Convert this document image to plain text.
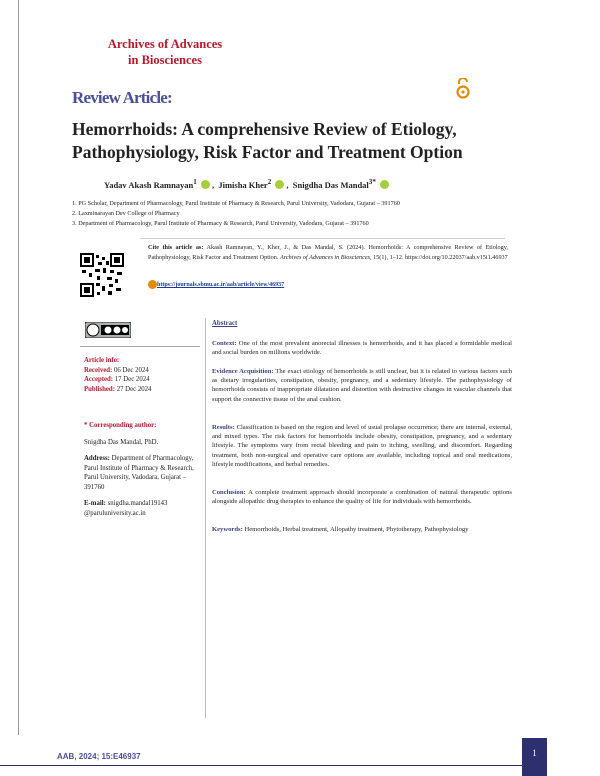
Archives of Advances
in Biosciences
Review Article:
Hemorrhoids: A comprehensive Review of Etiology, Pathophysiology, Risk Factor and Treatment Option
Yadav Akash Ramnayan$^1$ ,  Jimisha Kher$^2$ ,  Snigdha Das Mandal$^{3*}$
1. PG Scholar, Department of Pharmacology, Parul Institute of Pharmacy & Research, Parul University, Vadodara, Gujarat – 391760
2. Laxminarayan Dev College of Pharmacy
3. Department of Pharmacology, Parul Institute of Pharmacy & Research, Parul University, Vadodara, Gujarat – 391760
Cite this article as: Akash Ramnayan, Y., Kher, J., & Das Mandal, S. (2024). Hemorrhoids: A comprehensive Review of Etiology, Pathophysiology, Risk Factor and Treatment Option. Archives of Advances in Biosciences, 15(1), 1–12. https://doi.org/10.22037/aab.v15i1.46937
https://journals.sbmu.ac.ir/aab/article/view/46937
Article info:
Received: 06 Dec 2024
Accepted: 17 Dec 2024
Published: 27 Dec 2024
* Corresponding author:
Snigdha Das Mandal, PhD.
Address: Department of Pharmacology, Parul Institute of Pharmacy & Research, Parul University, Vadodara, Gujarat – 391760
E-mail: snigdha.mandal19143 @paruluniversity.ac.in
Abstract
Context: One of the most prevalent anorectal illnesses is hemorrhoids, and it has placed a formidable medical and social burden on millions worldwide.
Evidence Acquisition: The exact etiology of hemorrhoids is still unclear, but it is related to various factors such as dietary irregularities, constipation, obesity, pregnancy, and a sedentary lifestyle. The pathophysiology of hemorrhoids consists of inappropriate dilatation and distortion with destructive changes in vascular channels that support the connective tissue of the anal cushion.
Results: Classification is based on the region and level of usual prolapse occurrence; there are internal, external, and mixed types. The risk factors for hemorrhoids include obesity, constipation, pregnancy, and a sedentary lifestyle. The symptoms vary from rectal bleeding and pain to itching, swelling, and discomfort. Regarding treatment, both non-surgical and operative care options are available, including topical and oral medications, lifestyle modifications, and herbal remedies.
Conclusion: A complete treatment approach should incorporate a combination of natural therapeutic options alongside allopathic drug therapies to enhance the quality of life for individuals with hemorrhoids.
Keywords: Hemorrhoids, Herbal treatment, Allopathy treatment, Phytotherapy, Pathophysiology
AAB, 2024; 15:E46937	1
